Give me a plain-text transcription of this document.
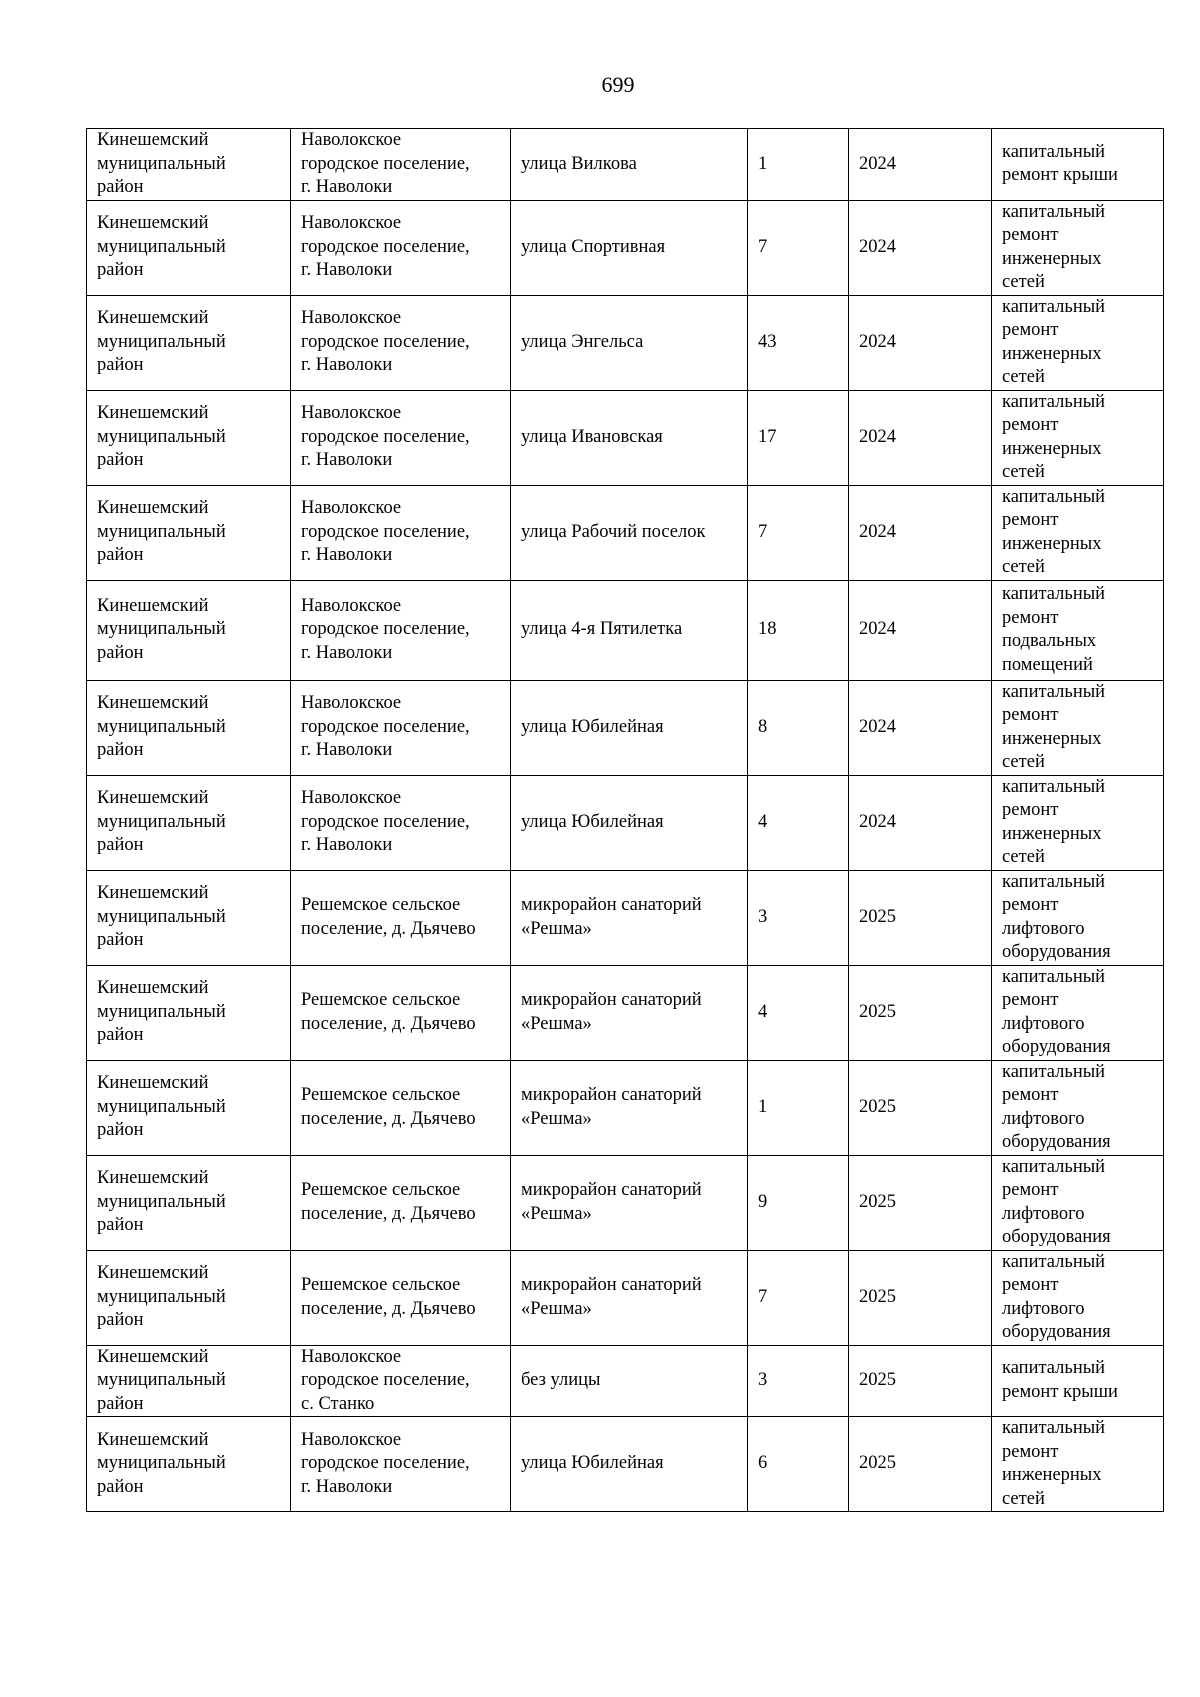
699
Кинешемский
муниципальный
район	Наволокское
городское поселение,
г. Наволоки	улица Вилкова	1	2024	капитальный
ремонт крыши

Кинешемский
муниципальный
район	Наволокское
городское поселение,
г. Наволоки	улица Спортивная	7	2024	капитальный
ремонт
инженерных
сетей

Кинешемский
муниципальный
район	Наволокское
городское поселение,
г. Наволоки	улица Энгельса	43	2024	капитальный
ремонт
инженерных
сетей

Кинешемский
муниципальный
район	Наволокское
городское поселение,
г. Наволоки	улица Ивановская	17	2024	капитальный
ремонт
инженерных
сетей

Кинешемский
муниципальный
район	Наволокское
городское поселение,
г. Наволоки	улица Рабочий поселок	7	2024	капитальный
ремонт
инженерных
сетей

Кинешемский
муниципальный
район	Наволокское
городское поселение,
г. Наволоки	улица 4-я Пятилетка	18	2024	капитальный
ремонт
подвальных
помещений

Кинешемский
муниципальный
район	Наволокское
городское поселение,
г. Наволоки	улица Юбилейная	8	2024	капитальный
ремонт
инженерных
сетей

Кинешемский
муниципальный
район	Наволокское
городское поселение,
г. Наволоки	улица Юбилейная	4	2024	капитальный
ремонт
инженерных
сетей

Кинешемский
муниципальный
район	Решемское сельское
поселение, д. Дьячево	микрорайон санаторий
«Решма»	3	2025	капитальный
ремонт
лифтового
оборудования

Кинешемский
муниципальный
район	Решемское сельское
поселение, д. Дьячево	микрорайон санаторий
«Решма»	4	2025	капитальный
ремонт
лифтового
оборудования

Кинешемский
муниципальный
район	Решемское сельское
поселение, д. Дьячево	микрорайон санаторий
«Решма»	1	2025	капитальный
ремонт
лифтового
оборудования

Кинешемский
муниципальный
район	Решемское сельское
поселение, д. Дьячево	микрорайон санаторий
«Решма»	9	2025	капитальный
ремонт
лифтового
оборудования

Кинешемский
муниципальный
район	Решемское сельское
поселение, д. Дьячево	микрорайон санаторий
«Решма»	7	2025	капитальный
ремонт
лифтового
оборудования

Кинешемский
муниципальный
район	Наволокское
городское поселение,
с. Станко	без улицы	3	2025	капитальный
ремонт крыши

Кинешемский
муниципальный
район	Наволокское
городское поселение,
г. Наволоки	улица Юбилейная	6	2025	капитальный
ремонт
инженерных
сетей
